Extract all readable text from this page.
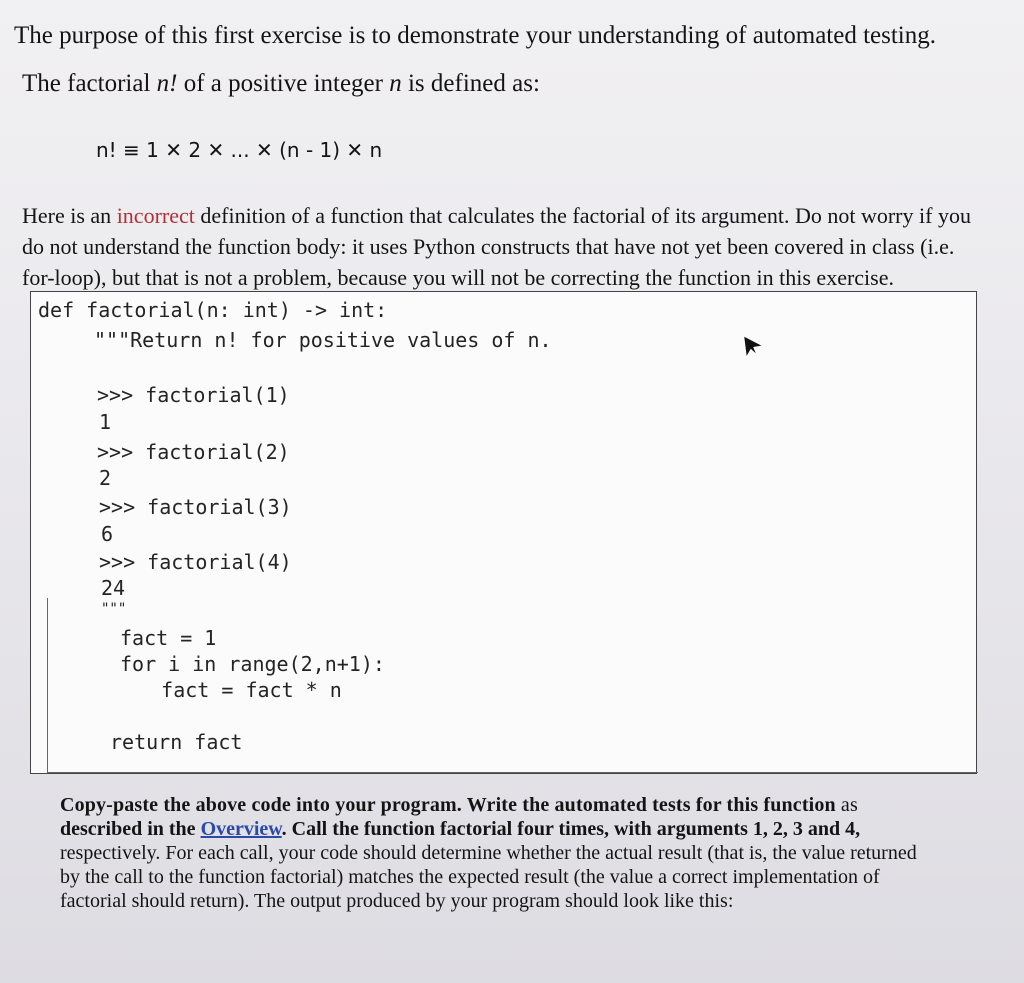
The purpose of this first exercise is to demonstrate your understanding of automated testing.
The factorial n! of a positive integer n is defined as:
n! ≡ 1 ✕ 2 ✕ ... ✕ (n - 1) ✕ n
Here is an incorrect definition of a function that calculates the factorial of its argument. Do not worry if you
do not understand the function body: it uses Python constructs that have not yet been covered in class (i.e.
for-loop), but that is not a problem, because you will not be correcting the function in this exercise.
def factorial(n: int) -> int:
"""Return n! for positive values of n.
>>> factorial(1)
1
>>> factorial(2)
2
>>> factorial(3)
6
>>> factorial(4)
24
"""
fact = 1
for i in range(2,n+1):
fact = fact * n
return fact
Copy-paste the above code into your program. Write the automated tests for this function as
described in the Overview. Call the function factorial four times, with arguments 1, 2, 3 and 4,
respectively. For each call, your code should determine whether the actual result (that is, the value returned
by the call to the function factorial) matches the expected result (the value a correct implementation of
factorial should return). The output produced by your program should look like this:
